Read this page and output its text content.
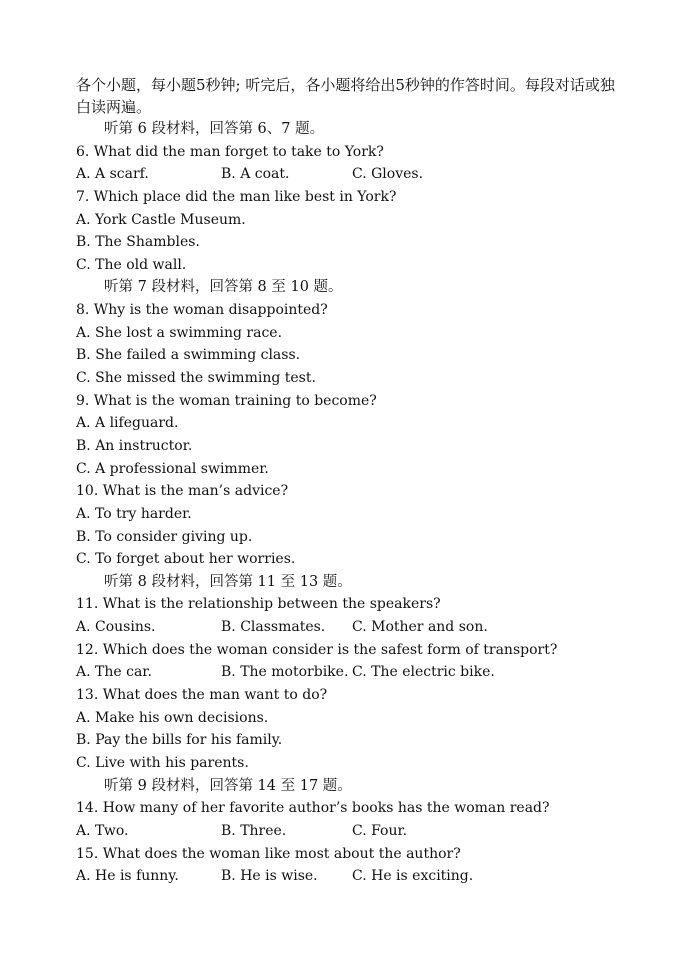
各个小题，每小题5秒钟; 听完后，各小题将给出5秒钟的作答时间。每段对话或独白读两遍。

听第 6 段材料，回答第 6、7 题。
6. What did the man forget to take to York?
A. A scarf.	B. A coat.	C. Gloves.
7. Which place did the man like best in York?
A. York Castle Museum.
B. The Shambles.
C. The old wall.
听第 7 段材料，回答第 8 至 10 题。
8. Why is the woman disappointed?
A. She lost a swimming race.
B. She failed a swimming class.
C. She missed the swimming test.
9. What is the woman training to become?
A. A lifeguard.
B. An instructor.
C. A professional swimmer.
10. What is the man’s advice?
A. To try harder.
B. To consider giving up.
C. To forget about her worries.
听第 8 段材料，回答第 11 至 13 题。
11. What is the relationship between the speakers?
A. Cousins.	B. Classmates. C. Mother and son.
12. Which does the woman consider is the safest form of transport?
A. The car.	B. The motorbike. C. The electric bike.
13. What does the man want to do?
A. Make his own decisions.
B. Pay the bills for his family.
C. Live with his parents.
听第 9 段材料，回答第 14 至 17 题。
14. How many of her favorite author’s books has the woman read?
A. Two.	B. Three.	C. Four.
15. What does the woman like most about the author?
A. He is funny.	B. He is wise. C. He is exciting.
